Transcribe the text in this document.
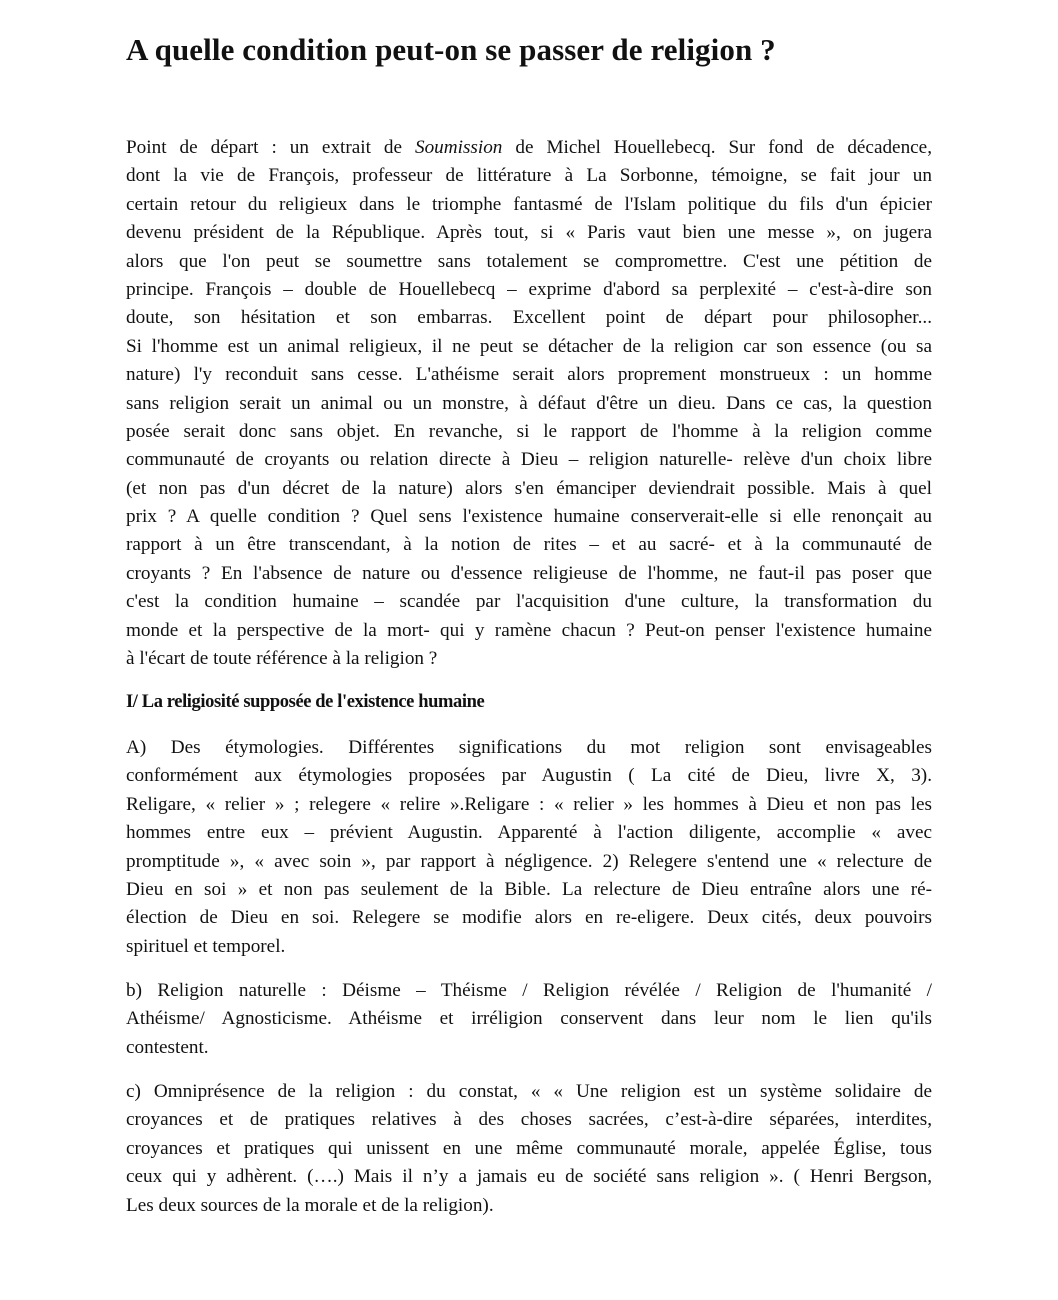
A quelle condition peut-on se passer de religion ?
Point de départ : un extrait de Soumission de Michel Houellebecq. Sur fond de décadence,
dont la vie de François, professeur de littérature à La Sorbonne, témoigne, se fait jour un
certain retour du religieux dans le triomphe fantasmé de l'Islam politique du fils d'un épicier
devenu président de la République. Après tout, si « Paris vaut bien une messe », on jugera
alors que l'on peut se soumettre sans totalement se compromettre. C'est une pétition de
principe. François – double de Houellebecq – exprime d'abord sa perplexité – c'est-à-dire son
doute, son hésitation et son embarras. Excellent point de départ pour philosopher...
Si l'homme est un animal religieux, il ne peut se détacher de la religion car son essence (ou sa
nature) l'y reconduit sans cesse. L'athéisme serait alors proprement monstrueux : un homme
sans religion serait un animal ou un monstre, à défaut d'être un dieu. Dans ce cas, la question
posée serait donc sans objet. En revanche, si le rapport de l'homme à la religion comme
communauté de croyants ou relation directe à Dieu – religion naturelle- relève d'un choix libre
(et non pas d'un décret de la nature) alors s'en émanciper deviendrait possible. Mais à quel
prix ? A quelle condition ? Quel sens l'existence humaine conserverait-elle si elle renonçait au
rapport à un être transcendant, à la notion de rites – et au sacré- et à la communauté de
croyants ? En l'absence de nature ou d'essence religieuse de l'homme, ne faut-il pas poser que
c'est la condition humaine – scandée par l'acquisition d'une culture, la transformation du
monde et la perspective de la mort- qui y ramène chacun ? Peut-on penser l'existence humaine
à l'écart de toute référence à la religion ?
I/ La religiosité supposée de l'existence humaine
A) Des étymologies. Différentes significations du mot religion sont envisageables
conformément aux étymologies proposées par Augustin ( La cité de Dieu, livre X, 3).
Religare, « relier » ; relegere « relire ».Religare : « relier » les hommes à Dieu et non pas les
hommes entre eux – prévient Augustin. Apparenté à l'action diligente, accomplie « avec
promptitude », « avec soin », par rapport à négligence. 2) Relegere s'entend une « relecture de
Dieu en soi » et non pas seulement de la Bible. La relecture de Dieu entraîne alors une ré-
élection de Dieu en soi. Relegere se modifie alors en re-eligere. Deux cités, deux pouvoirs
spirituel et temporel.
b) Religion naturelle : Déisme – Théisme / Religion révélée / Religion de l'humanité /
Athéisme/ Agnosticisme. Athéisme et irréligion conservent dans leur nom le lien qu'ils
contestent.
c) Omniprésence de la religion : du constat, « « Une religion est un système solidaire de
croyances et de pratiques relatives à des choses sacrées, c’est-à-dire séparées, interdites,
croyances et pratiques qui unissent en une même communauté morale, appelée Église, tous
ceux qui y adhèrent. (….) Mais il n’y a jamais eu de société sans religion ». ( Henri Bergson,
Les deux sources de la morale et de la religion).
